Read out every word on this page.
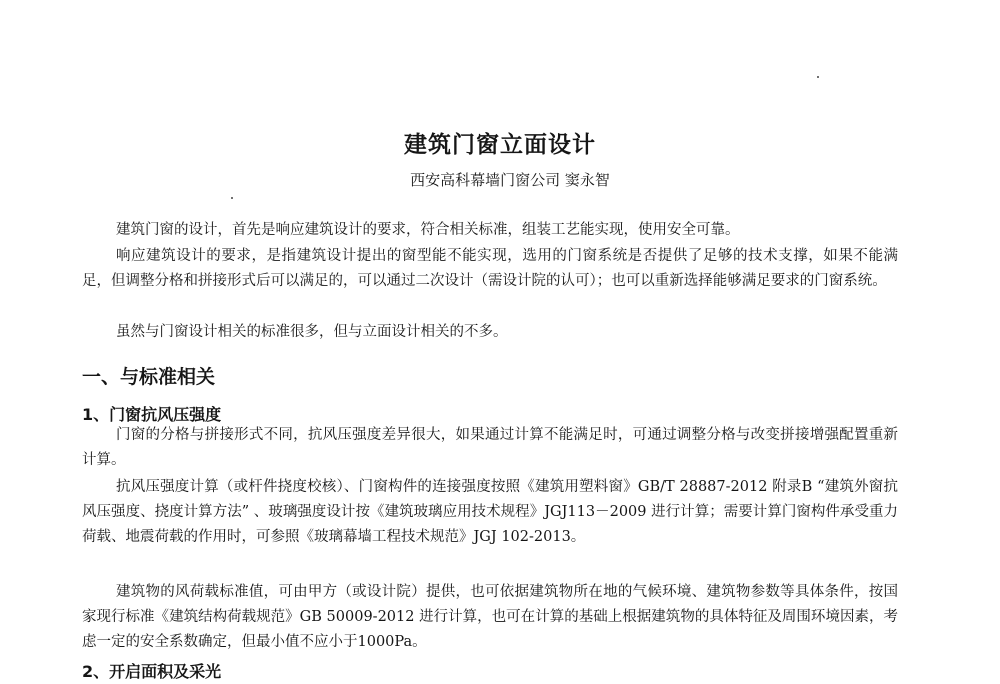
建筑门窗立面设计

西安高科幕墙门窗公司 窦永智

建筑门窗的设计，首先是响应建筑设计的要求，符合相关标准，组装工艺能实现，使用安全可靠。

响应建筑设计的要求，是指建筑设计提出的窗型能不能实现，选用的门窗系统是否提供了足够的技术支撑，如果不能满足，但调整分格和拼接形式后可以满足的，可以通过二次设计（需设计院的认可）；也可以重新选择能够满足要求的门窗系统。

虽然与门窗设计相关的标准很多，但与立面设计相关的不多。

一、与标准相关
1、门窗抗风压强度

门窗的分格与拼接形式不同，抗风压强度差异很大，如果通过计算不能满足时，可通过调整分格与改变拼接增强配置重新计算。

抗风压强度计算（或杆件挠度校核）、门窗构件的连接强度按照《建筑用塑料窗》GB/T 28887-2012 附录B “建筑外窗抗风压强度、挠度计算方法” 、玻璃强度设计按《建筑玻璃应用技术规程》JGJ113－2009 进行计算；需要计算门窗构件承受重力荷载、地震荷载的作用时，可参照《玻璃幕墙工程技术规范》JGJ 102-2013。

建筑物的风荷载标准值，可由甲方（或设计院）提供，也可依据建筑物所在地的气候环境、建筑物参数等具体条件，按国家现行标准《建筑结构荷载规范》GB 50009-2012 进行计算，也可在计算的基础上根据建筑物的具体特征及周围环境因素，考虑一定的安全系数确定，但最小值不应小于1000Pa。

2、开启面积及采光
